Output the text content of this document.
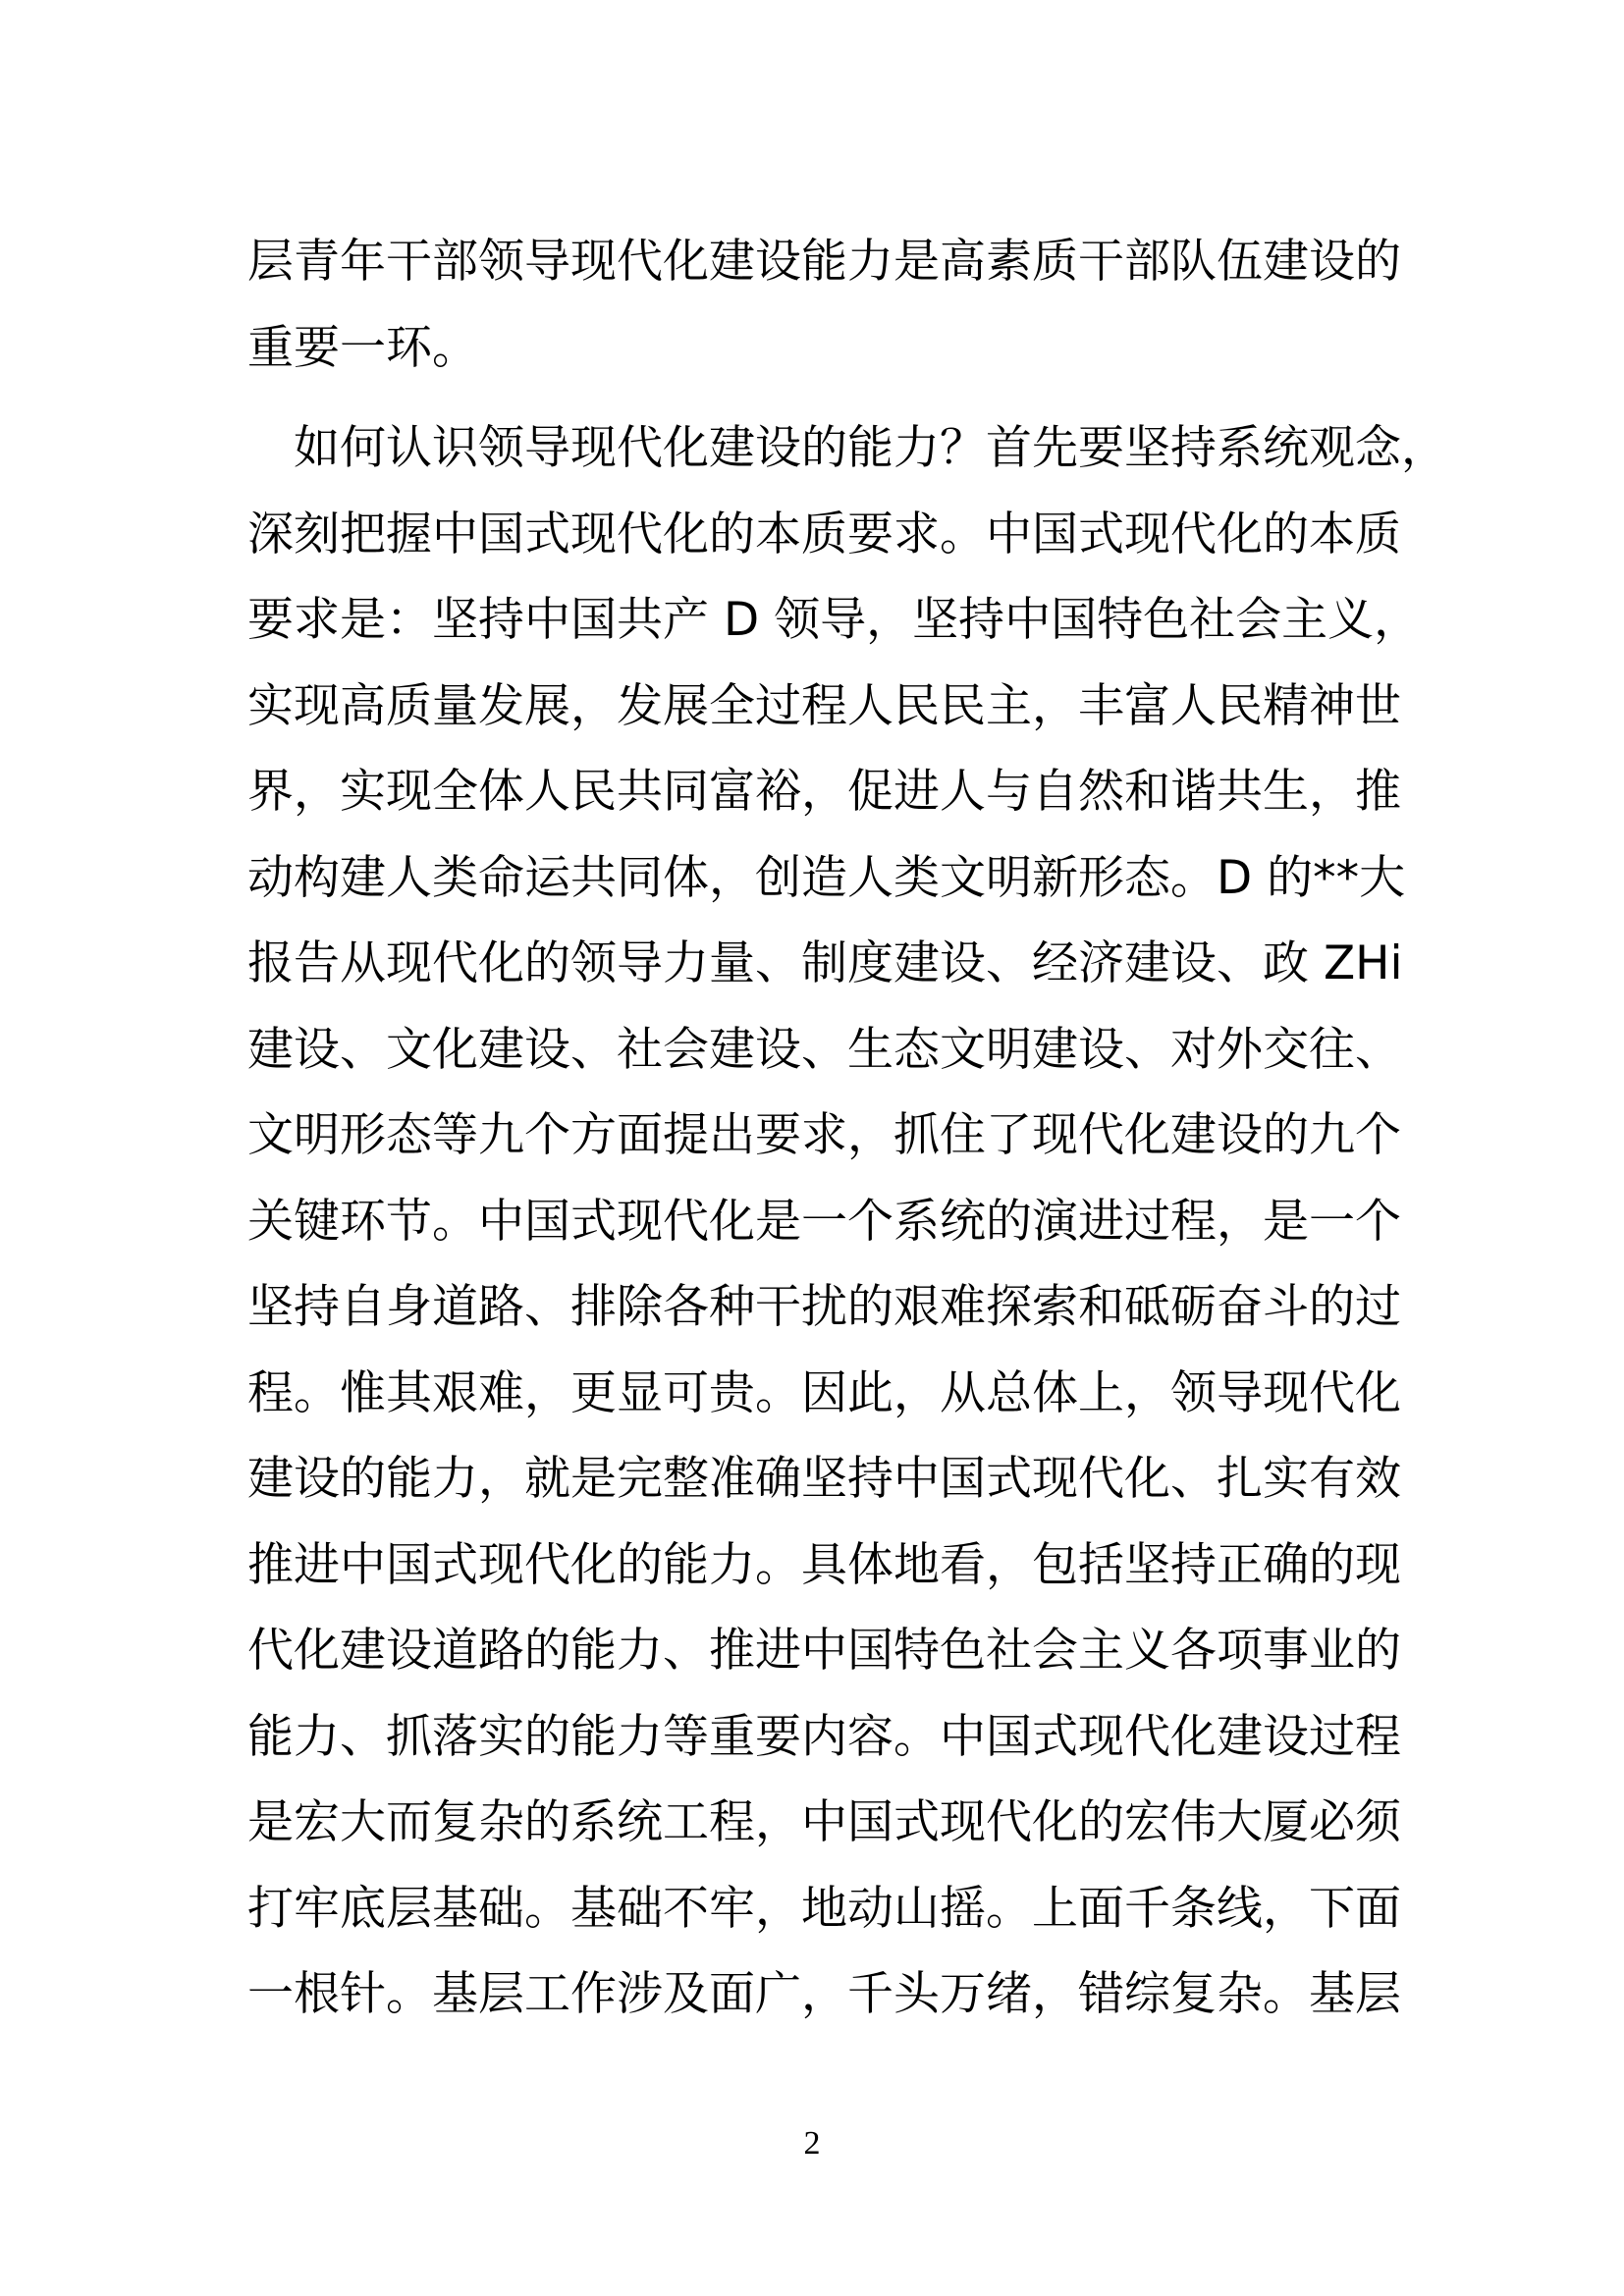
层青年干部领导现代化建设能力是高素质干部队伍建设的
重要一环。
　如何认识领导现代化建设的能力？首先要坚持系统观念，
深刻把握中国式现代化的本质要求。中国式现代化的本质
要求是：坚持中国共产 D 领导，坚持中国特色社会主义，
实现高质量发展，发展全过程人民民主，丰富人民精神世
界，实现全体人民共同富裕，促进人与自然和谐共生，推
动构建人类命运共同体，创造人类文明新形态。D 的**大
报告从现代化的领导力量、制度建设、经济建设、政 ZHi
建设、文化建设、社会建设、生态文明建设、对外交往、
文明形态等九个方面提出要求，抓住了现代化建设的九个
关键环节。中国式现代化是一个系统的演进过程，是一个
坚持自身道路、排除各种干扰的艰难探索和砥砺奋斗的过
程。惟其艰难，更显可贵。因此，从总体上，领导现代化
建设的能力，就是完整准确坚持中国式现代化、扎实有效
推进中国式现代化的能力。具体地看，包括坚持正确的现
代化建设道路的能力、推进中国特色社会主义各项事业的
能力、抓落实的能力等重要内容。中国式现代化建设过程
是宏大而复杂的系统工程，中国式现代化的宏伟大厦必须
打牢底层基础。基础不牢，地动山摇。上面千条线，下面
一根针。基层工作涉及面广，千头万绪，错综复杂。基层
2
